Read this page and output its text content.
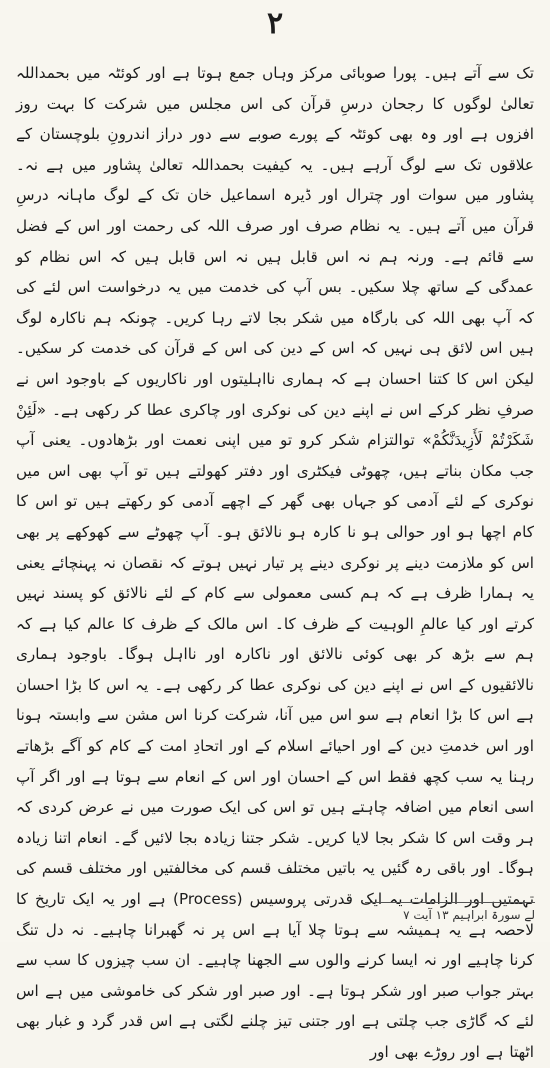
۲

تک سے آتے ہیں۔ پورا صوبائی مرکز وہاں جمع ہوتا ہے اور کوئٹہ میں بحمداللہ تعالیٰ لوگوں کا رجحان درسِ قرآن کی اس مجلس میں شرکت کا بہت روز افزوں ہے اور وہ بھی کوئٹہ کے پورے صوبے سے دور دراز اندرونِ بلوچستان کے علاقوں تک سے لوگ آرہے ہیں۔ یہ کیفیت بحمداللہ تعالیٰ پشاور میں ہے نہ۔ پشاور میں سوات اور چترال اور ڈیرہ اسماعیل خان تک کے لوگ ماہانہ درسِ قرآن میں آتے ہیں۔ یہ نظام صرف اور صرف اللہ کی رحمت اور اس کے فضل سے قائم ہے۔ ورنہ ہم نہ اس قابل ہیں نہ اس قابل ہیں کہ اس نظام کو عمدگی کے ساتھ چلا سکیں۔ بس آپ کی خدمت میں یہ درخواست اس لئے کی کہ آپ بھی اللہ کی بارگاہ میں شکر بجا لاتے رہا کریں۔ چونکہ ہم ناکارہ لوگ ہیں اس لائق ہی نہیں کہ اس کے دین کی اس کے قرآن کی خدمت کر سکیں۔ لیکن اس کا کتنا احسان ہے کہ ہماری نااہلیتوں اور ناکاریوں کے باوجود اس نے صرفِ نظر کرکے اس نے اپنے دین کی نوکری اور چاکری عطا کر رکھی ہے۔ «لَئِنْ شَكَرْتُمْ لَأَزِيدَنَّكُمْ» توالتزام شکر کرو تو میں اپنی نعمت اور بڑھادوں۔ یعنی آپ جب مکان بناتے ہیں، چھوٹی فیکٹری اور دفتر کھولتے ہیں تو آپ بھی اس میں نوکری کے لئے آدمی کو جہاں بھی گھر کے اچھے آدمی کو رکھتے ہیں تو اس کا کام اچھا ہو اور حوالی ہو نا کارہ ہو نالائق ہو۔ آپ چھوٹے سے کھوکھے پر بھی اس کو ملازمت دینے پر نوکری دینے پر تیار نہیں ہوتے کہ نقصان نہ پہنچائے یعنی یہ ہمارا ظرف ہے کہ ہم کسی معمولی سے کام کے لئے نالائق کو پسند نہیں کرتے اور کیا عالمِ الوہیت کے ظرف کا۔ اس مالک کے ظرف کا عالم کیا ہے کہ ہم سے بڑھ کر بھی کوئی نالائق اور ناکارہ اور نااہل ہوگا۔ باوجود ہماری نالائقیوں کے اس نے اپنے دین کی نوکری عطا کر رکھی ہے۔ یہ اس کا بڑا احسان ہے اس کا بڑا انعام ہے سو اس میں آنا، شرکت کرنا اس مشن سے وابستہ ہونا اور اس خدمتِ دین کے اور احیائے اسلام کے اور اتحادِ امت کے کام کو آگے بڑھاتے رہنا یہ سب کچھ فقط اس کے احسان اور اس کے انعام سے ہوتا ہے اور اگر آپ اسی انعام میں اضافہ چاہتے ہیں تو اس کی ایک صورت میں نے عرض کردی کہ ہر وقت اس کا شکر بجا لایا کریں۔ شکر جتنا زیادہ بجا لائیں گے۔ انعام اتنا زیادہ ہوگا۔ اور باقی رہ گئیں یہ باتیں مختلف قسم کی مخالفتیں اور مختلف قسم کی تہمتیں اور الزامات یہ ایک قدرتی پروسیس (Process) ہے اور یہ ایک تاریخ کا لاحصہ ہے یہ ہمیشہ سے ہوتا چلا آیا ہے اس پر نہ گھبرانا چاہیے۔ نہ دل تنگ کرنا چاہیے اور نہ ایسا کرنے والوں سے الجھنا چاہیے۔ ان سب چیزوں کا سب سے بہتر جواب صبر اور شکر ہوتا ہے۔ اور صبر اور شکر کی خاموشی میں ہے اس لئے کہ گاڑی جب چلتی ہے اور جتنی تیز چلنے لگتی ہے اس قدر گرد و غبار بھی اٹھتا ہے اور روڑے بھی اور

لے سورۃ ابراہیم ۱۳ آیت ۷
